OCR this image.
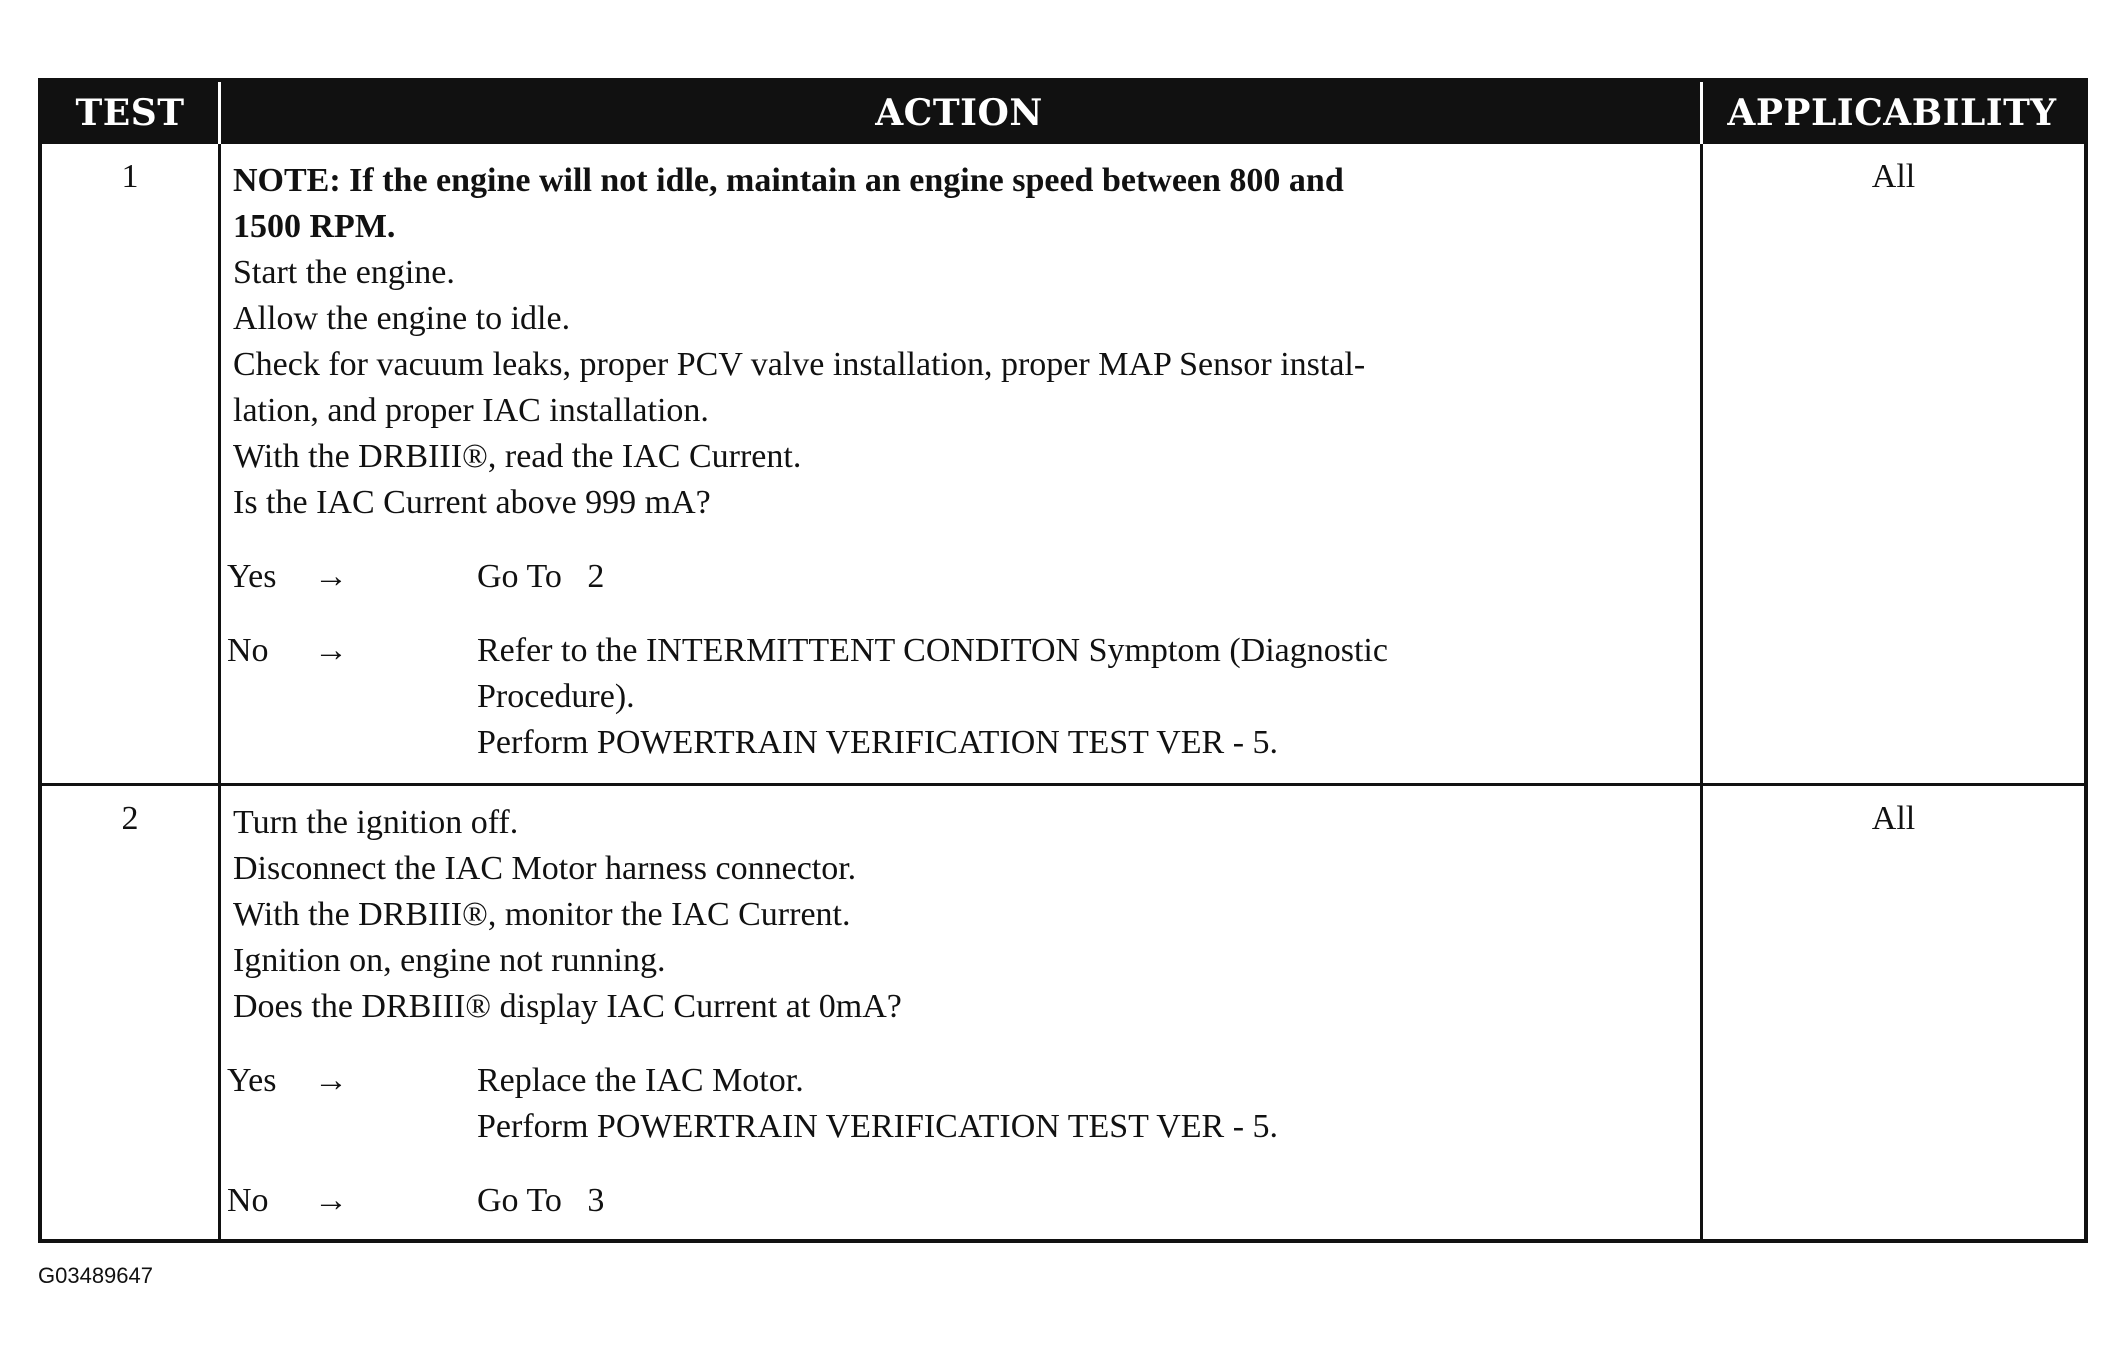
TEST	ACTION	APPLICABILITY
1	NOTE: If the engine will not idle, maintain an engine speed between 800 and
1500 RPM.
Start the engine.
Allow the engine to idle.
Check for vacuum leaks, proper PCV valve installation, proper MAP Sensor instal-
lation, and proper IAC installation.
With the DRBIII®, read the IAC Current.
Is the IAC Current above 999 mA?
Yes	→	Go To   2
No	→	Refer to the INTERMITTENT CONDITON Symptom (Diagnostic
Procedure).
Perform POWERTRAIN VERIFICATION TEST VER - 5.
All
2	Turn the ignition off.
Disconnect the IAC Motor harness connector.
With the DRBIII®, monitor the IAC Current.
Ignition on, engine not running.
Does the DRBIII® display IAC Current at 0mA?
Yes	→	Replace the IAC Motor.
Perform POWERTRAIN VERIFICATION TEST VER - 5.
No	→	Go To   3
All
G03489647
